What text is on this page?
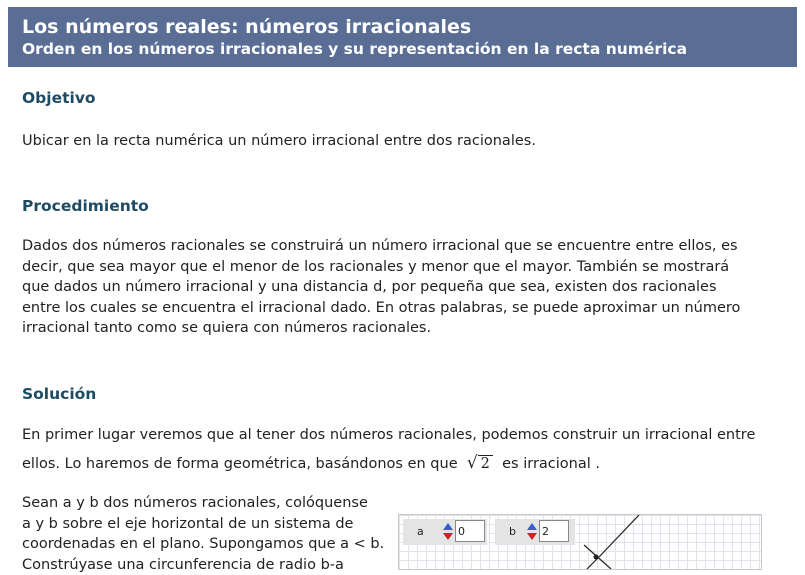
Los números reales: números irracionales
Orden en los números irracionales y su representación en la recta numérica
Objetivo
Ubicar en la recta numérica un número irracional entre dos racionales.
Procedimiento
Dados dos números racionales se construirá un número irracional que se encuentre entre ellos, es
decir, que sea mayor que el menor de los racionales y menor que el mayor. También se mostrará
que dados un número irracional y una distancia d, por pequeña que sea, existen dos racionales
entre los cuales se encuentra el irracional dado. En otras palabras, se puede aproximar un número
irracional tanto como se quiera con números racionales.
Solución
En primer lugar veremos que al tener dos números racionales, podemos construir un irracional entre
ellos. Lo haremos de forma geométrica, basándonos en que √ 2 es irracional .
Sean a y b dos números racionales, colóquense
a y b sobre el eje horizontal de un sistema de
coordenadas en el plano. Supongamos que a < b.
Constrúyase una circunferencia de radio b-a
a	0	b 2
